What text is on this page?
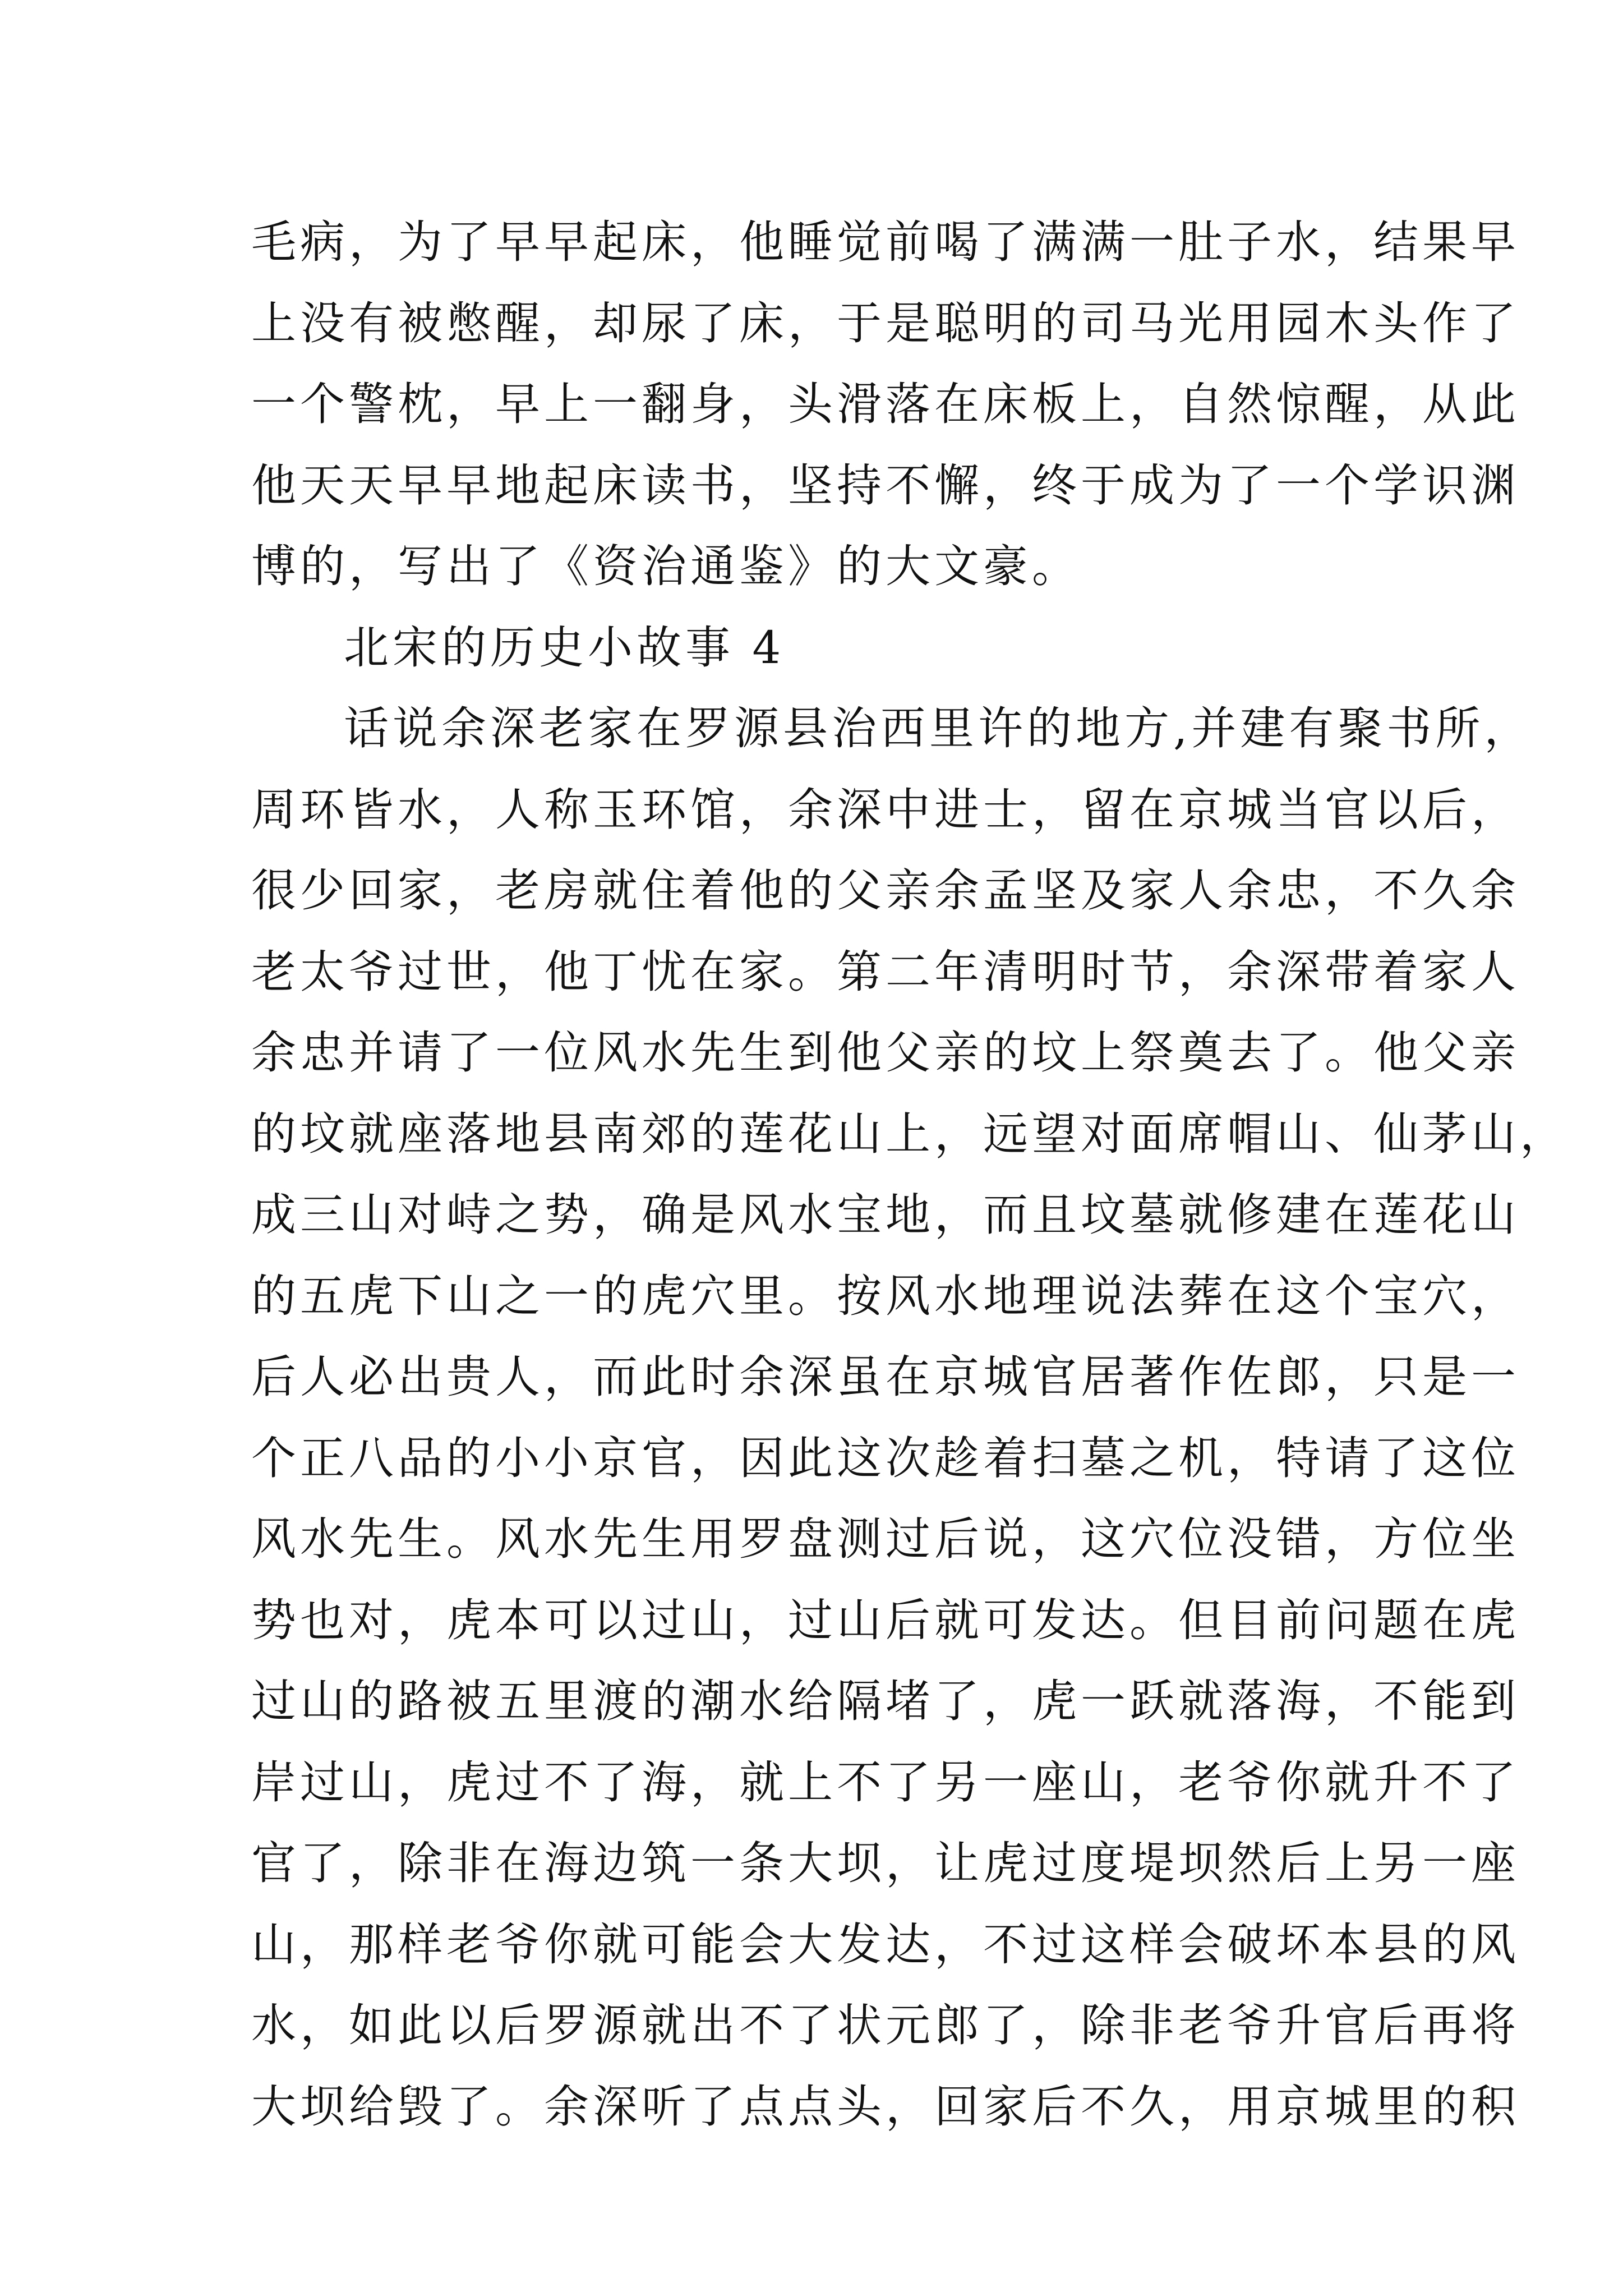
毛病，为了早早起床，他睡觉前喝了满满一肚子水，结果早
上没有被憋醒，却尿了床，于是聪明的司马光用园木头作了
一个警枕，早上一翻身，头滑落在床板上，自然惊醒，从此
他天天早早地起床读书，坚持不懈，终于成为了一个学识渊
博的，写出了《资治通鉴》的大文豪。
北宋的历史小故事 4
话说余深老家在罗源县治西里许的地方,并建有聚书所，
周环皆水，人称玉环馆，余深中进士，留在京城当官以后，
很少回家，老房就住着他的父亲余孟坚及家人余忠，不久余
老太爷过世，他丁忧在家。第二年清明时节，余深带着家人
余忠并请了一位风水先生到他父亲的坟上祭奠去了。他父亲
的坟就座落地县南郊的莲花山上，远望对面席帽山、仙茅山，
成三山对峙之势，确是风水宝地，而且坟墓就修建在莲花山
的五虎下山之一的虎穴里。按风水地理说法葬在这个宝穴，
后人必出贵人，而此时余深虽在京城官居著作佐郎，只是一
个正八品的小小京官，因此这次趁着扫墓之机，特请了这位
风水先生。风水先生用罗盘测过后说，这穴位没错，方位坐
势也对，虎本可以过山，过山后就可发达。但目前问题在虎
过山的路被五里渡的潮水给隔堵了，虎一跃就落海，不能到
岸过山，虎过不了海，就上不了另一座山，老爷你就升不了
官了，除非在海边筑一条大坝，让虎过度堤坝然后上另一座
山，那样老爷你就可能会大发达，不过这样会破坏本县的风
水，如此以后罗源就出不了状元郎了，除非老爷升官后再将
大坝给毁了。余深听了点点头，回家后不久，用京城里的积
